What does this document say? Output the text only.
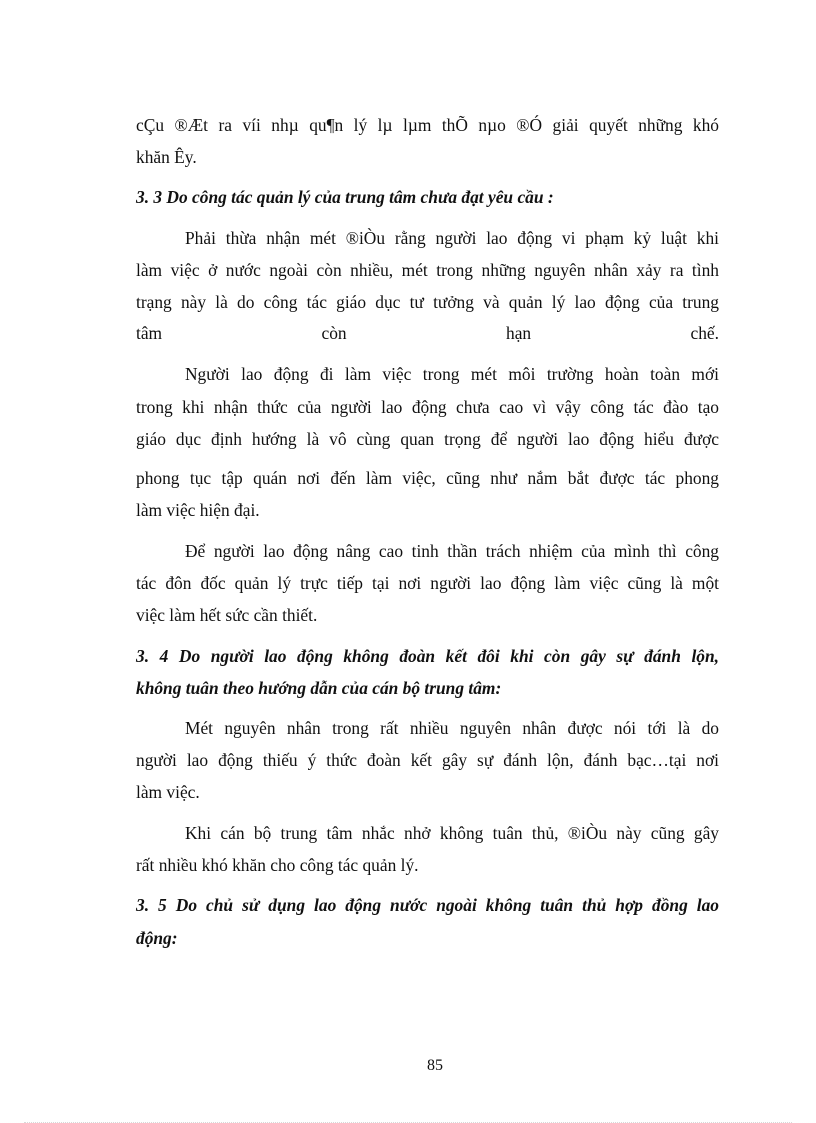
cÇu ®Æt ra víi nhµ qu¶n lý lµ lµm thÕ nµo ®Ó giải quyết những khó
khăn Êy.
3. 3 Do công tác quản lý của trung tâm chưa đạt yêu cầu :
Phải thừa nhận mét ®iÒu rằng người lao động vi phạm kỷ luật khi
làm việc ở nước ngoài còn nhiều, mét trong những nguyên nhân xảy ra tình
trạng này là do công tác giáo dục tư tưởng và quản lý lao động của trung
tâm còn hạn chế.
Người lao động đi làm việc trong mét môi trường hoàn toàn mới
trong khi nhận thức của người lao động chưa cao vì vậy công tác đào tạo
giáo dục định hướng là vô cùng quan trọng để người lao động hiểu được
phong tục tập quán nơi đến làm việc, cũng như nắm bắt được tác phong
làm việc hiện đại.
Để người lao động nâng cao tinh thần trách nhiệm của mình thì công
tác đôn đốc quản lý trực tiếp tại nơi người lao động làm việc cũng là một
việc làm hết sức cần thiết.
3. 4 Do người lao động không đoàn kết đôi khi còn gây sự đánh lộn,
không tuân theo hướng dẫn của cán bộ trung tâm:
Mét nguyên nhân trong rất nhiều nguyên nhân được nói tới là do
người lao động thiếu ý thức đoàn kết gây sự đánh lộn, đánh bạc…tại nơi
làm việc.
Khi cán bộ trung tâm nhắc nhở không tuân thủ, ®iÒu này cũng gây
rất nhiều khó khăn cho công tác quản lý.
3. 5 Do chủ sử dụng lao động nước ngoài không tuân thủ hợp đồng lao
động:
85
